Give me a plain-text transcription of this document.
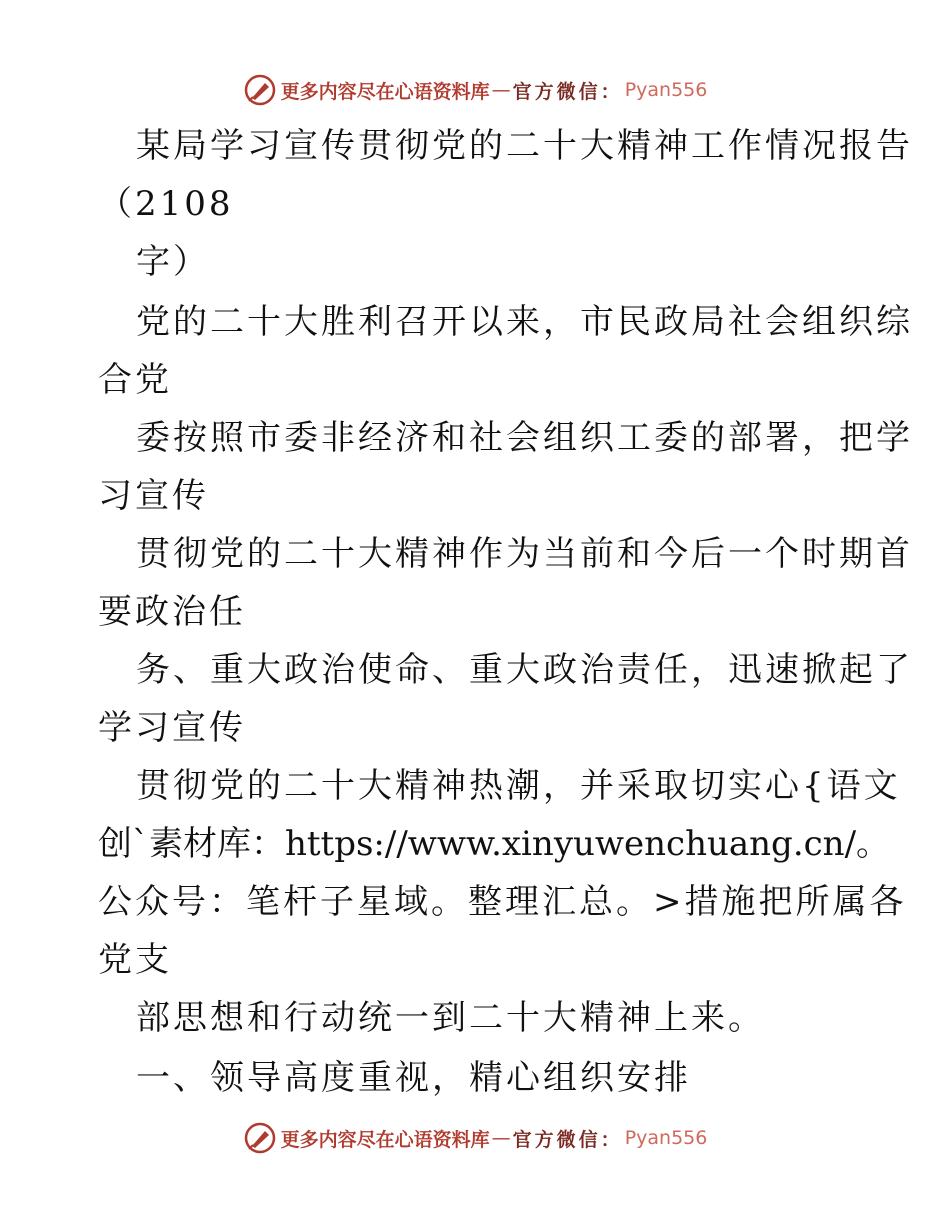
更多内容尽在心语资料库 — 官方微信： Pyan556
某局学习宣传贯彻党的二十大精神工作情况报告
（2108
字）
党的二十大胜利召开以来，市民政局社会组织综
合党
委按照市委非经济和社会组织工委的部署，把学
习宣传
贯彻党的二十大精神作为当前和今后一个时期首
要政治任
务、重大政治使命、重大政治责任，迅速掀起了
学习宣传
贯彻党的二十大精神热潮，并采取切实心{语文
创`素材库：https://www.xinyuwenchuang.cn/。
公众号：笔杆子星域。整理汇总。>措施把所属各
党支
部思想和行动统一到二十大精神上来。
一、领导高度重视，精心组织安排
更多内容尽在心语资料库 — 官方微信： Pyan556
